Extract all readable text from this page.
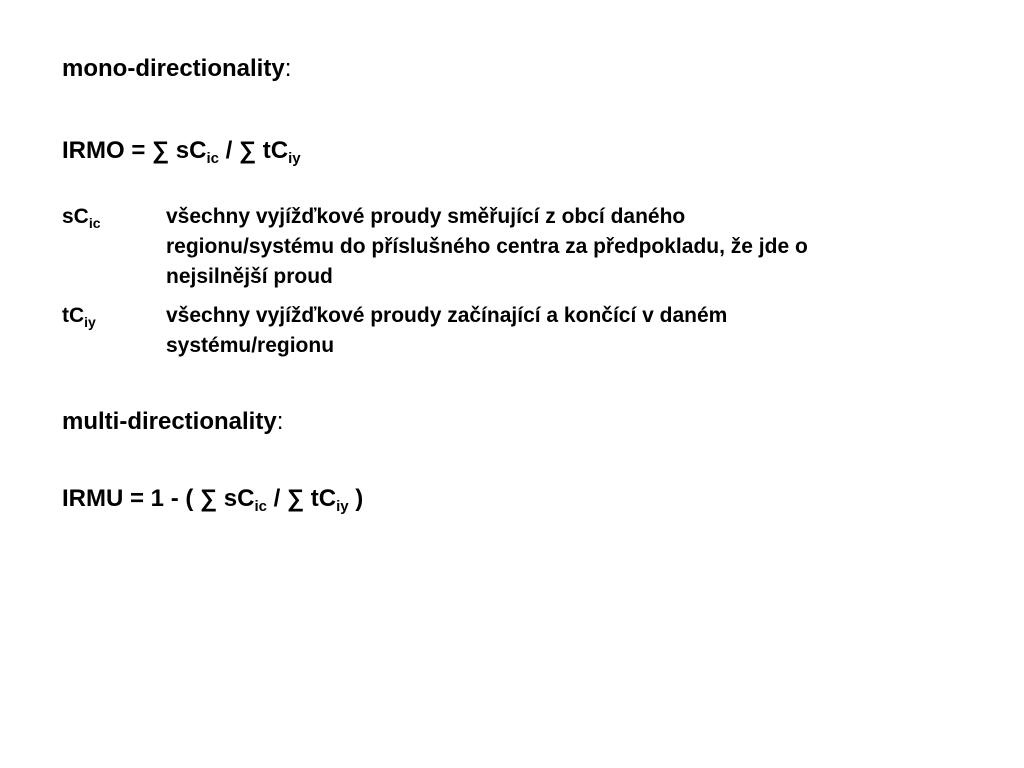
mono-directionality:
IRMO = ∑ $sC_{ic}$ / ∑ $tC_{iy}$
$sC_{ic}$	všechny vyjížďkové proudy směřující z obcí daného
regionu/systému do příslušného centra za předpokladu, že jde o
nejsilnější proud
$tC_{iy}$	všechny vyjížďkové proudy začínající a končící v daném
systému/regionu
multi-directionality:
IRMU = 1 - ( ∑ $sC_{ic}$ / ∑ $tC_{iy}$ )
